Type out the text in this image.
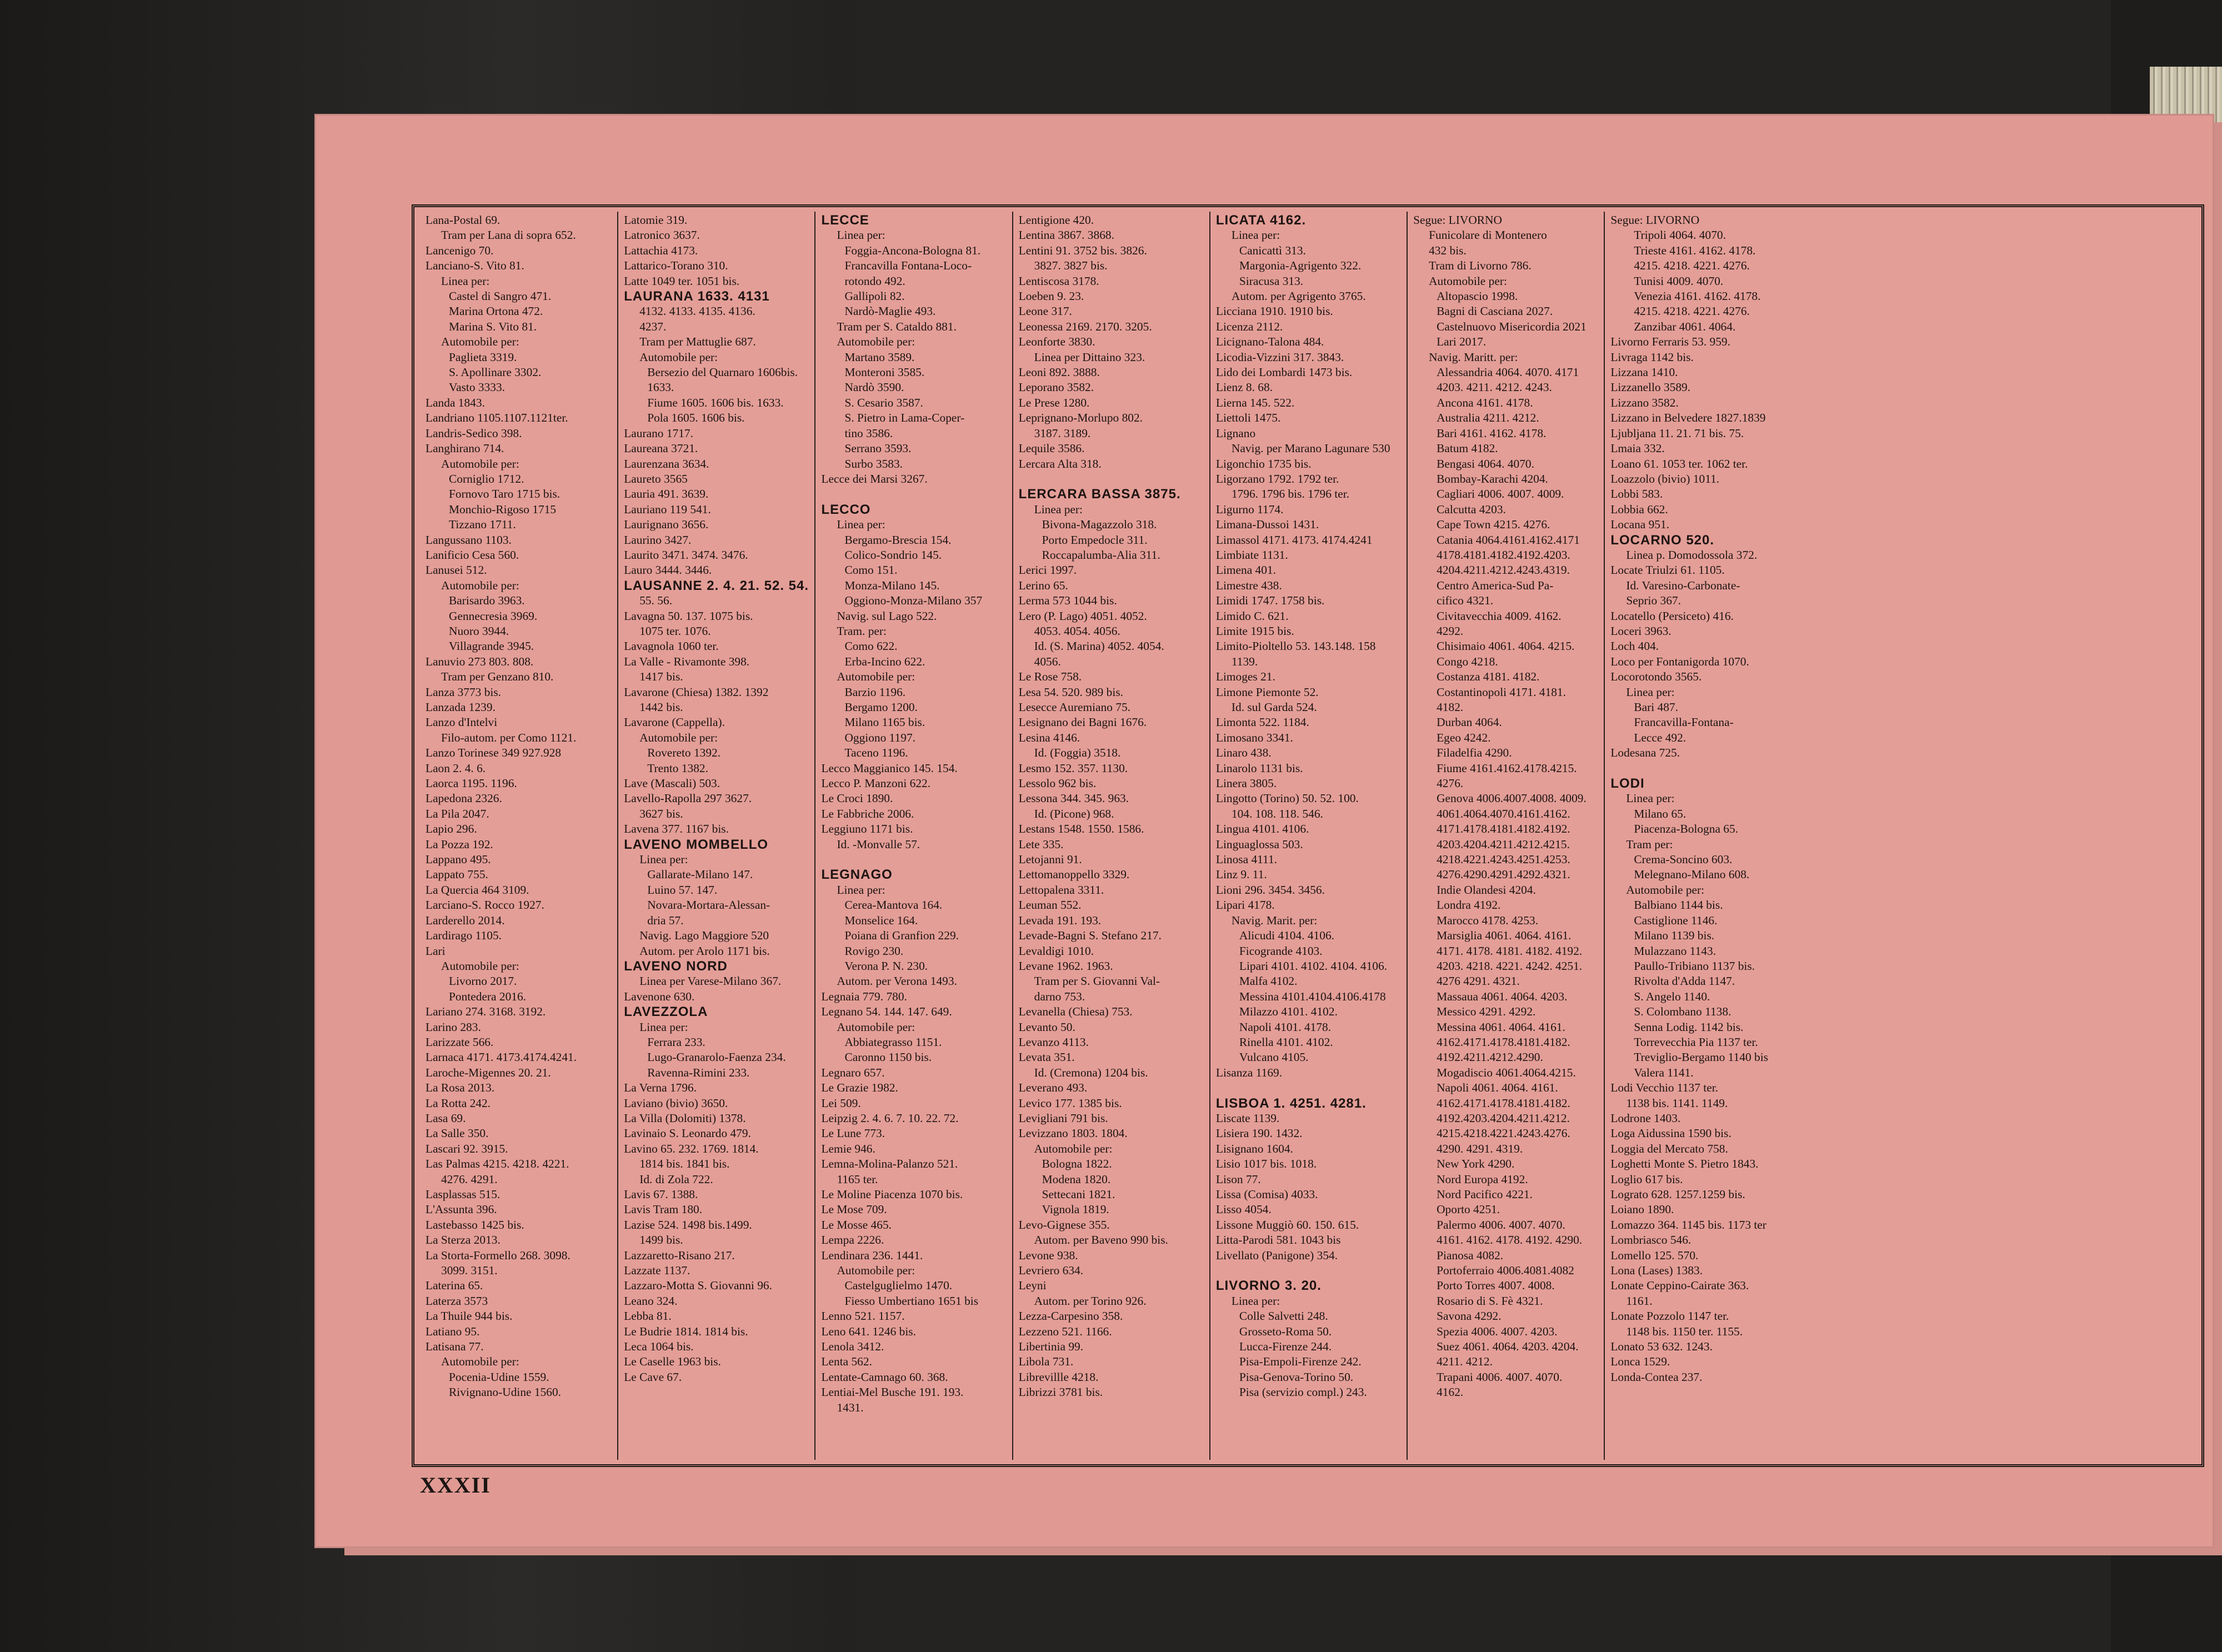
Lana-Postal 69.
Tram per Lana di sopra 652.
Lancenigo 70.
Lanciano-S. Vito 81.
Linea per:
Castel di Sangro 471.
Marina Ortona 472.
Marina S. Vito 81.
Automobile per:
Paglieta 3319.
S. Apollinare 3302.
Vasto 3333.
Landa 1843.
Landriano 1105.1107.1121ter.
Landris-Sedico 398.
Langhirano 714.
Automobile per:
Corniglio 1712.
Fornovo Taro 1715 bis.
Monchio-Rigoso 1715
Tizzano 1711.
Langussano 1103.
Lanificio Cesa 560.
Lanusei 512.
Automobile per:
Barisardo 3963.
Gennecresia 3969.
Nuoro 3944.
Villagrande 3945.
Lanuvio 273 803. 808.
Tram per Genzano 810.
Lanza 3773 bis.
Lanzada 1239.
Lanzo d'Intelvi
Filo-autom. per Como 1121.
Lanzo Torinese 349 927.928
Laon 2. 4. 6.
Laorca 1195. 1196.
Lapedona 2326.
La Pila 2047.
Lapio 296.
La Pozza 192.
Lappano 495.
Lappato 755.
La Quercia 464 3109.
Larciano-S. Rocco 1927.
Larderello 2014.
Lardirago 1105.
Lari
Automobile per:
Livorno 2017.
Pontedera 2016.
Lariano 274. 3168. 3192.
Larino 283.
Larizzate 566.
Larnaca 4171. 4173.4174.4241.
Laroche-Migennes 20. 21.
La Rosa 2013.
La Rotta 242.
Lasa 69.
La Salle 350.
Lascari 92. 3915.
Las Palmas 4215. 4218. 4221.
4276. 4291.
Lasplassas 515.
L'Assunta 396.
Lastebasso 1425 bis.
La Sterza 2013.
La Storta-Formello 268. 3098.
3099. 3151.
Laterina 65.
Laterza 3573
La Thuile 944 bis.
Latiano 95.
Latisana 77.
Automobile per:
Pocenia-Udine 1559.
Rivignano-Udine 1560.
Latomie 319.
Latronico 3637.
Lattachia 4173.
Lattarico-Torano 310.
Latte 1049 ter. 1051 bis.
LAURANA 1633. 4131
4132. 4133. 4135. 4136.
4237.
Tram per Mattuglie 687.
Automobile per:
Bersezio del Quarnaro 1606bis.
1633.
Fiume 1605. 1606 bis. 1633.
Pola 1605. 1606 bis.
Laurano 1717.
Laureana 3721.
Laurenzana 3634.
Laureto 3565
Lauria 491. 3639.
Lauriano 119 541.
Laurignano 3656.
Laurino 3427.
Laurito 3471. 3474. 3476.
Lauro 3444. 3446.
LAUSANNE 2. 4. 21. 52. 54.
55. 56.
Lavagna 50. 137. 1075 bis.
1075 ter. 1076.
Lavagnola 1060 ter.
La Valle - Rivamonte 398.
1417 bis.
Lavarone (Chiesa) 1382. 1392
1442 bis.
Lavarone (Cappella).
Automobile per:
Rovereto 1392.
Trento 1382.
Lave (Mascali) 503.
Lavello-Rapolla 297 3627.
3627 bis.
Lavena 377. 1167 bis.
LAVENO MOMBELLO
Linea per:
Gallarate-Milano 147.
Luino 57. 147.
Novara-Mortara-Alessan-
dria 57.
Navig. Lago Maggiore 520
Autom. per Arolo 1171 bis.
LAVENO NORD
Linea per Varese-Milano 367.
Lavenone 630.
LAVEZZOLA
Linea per:
Ferrara 233.
Lugo-Granarolo-Faenza 234.
Ravenna-Rimini 233.
La Verna 1796.
Laviano (bivio) 3650.
La Villa (Dolomiti) 1378.
Lavinaio S. Leonardo 479.
Lavino 65. 232. 1769. 1814.
1814 bis. 1841 bis.
Id. di Zola 722.
Lavis 67. 1388.
Lavis Tram 180.
Lazise 524. 1498 bis.1499.
1499 bis.
Lazzaretto-Risano 217.
Lazzate 1137.
Lazzaro-Motta S. Giovanni 96.
Leano 324.
Lebba 81.
Le Budrie 1814. 1814 bis.
Leca 1064 bis.
Le Caselle 1963 bis.
Le Cave 67.
LECCE
Linea per:
Foggia-Ancona-Bologna 81.
Francavilla Fontana-Loco-
rotondo 492.
Gallipoli 82.
Nardò-Maglie 493.
Tram per S. Cataldo 881.
Automobile per:
Martano 3589.
Monteroni 3585.
Nardò 3590.
S. Cesario 3587.
S. Pietro in Lama-Coper-
tino 3586.
Serrano 3593.
Surbo 3583.
Lecce dei Marsi 3267.

LECCO
Linea per:
Bergamo-Brescia 154.
Colico-Sondrio 145.
Como 151.
Monza-Milano 145.
Oggiono-Monza-Milano 357
Navig. sul Lago 522.
Tram. per:
Como 622.
Erba-Incino 622.
Automobile per:
Barzio 1196.
Bergamo 1200.
Milano 1165 bis.
Oggiono 1197.
Taceno 1196.
Lecco Maggianico 145. 154.
Lecco P. Manzoni 622.
Le Croci 1890.
Le Fabbriche 2006.
Leggiuno 1171 bis.
Id. -Monvalle 57.

LEGNAGO
Linea per:
Cerea-Mantova 164.
Monselice 164.
Poiana di Granfion 229.
Rovigo 230.
Verona P. N. 230.
Autom. per Verona 1493.
Legnaia 779. 780.
Legnano 54. 144. 147. 649.
Automobile per:
Abbiategrasso 1151.
Caronno 1150 bis.
Legnaro 657.
Le Grazie 1982.
Lei 509.
Leipzig 2. 4. 6. 7. 10. 22. 72.
Le Lune 773.
Lemie 946.
Lemna-Molina-Palanzo 521.
1165 ter.
Le Moline Piacenza 1070 bis.
Le Mose 709.
Le Mosse 465.
Lempa 2226.
Lendinara 236. 1441.
Automobile per:
Castelguglielmo 1470.
Fiesso Umbertiano 1651 bis
Lenno 521. 1157.
Leno 641. 1246 bis.
Lenola 3412.
Lenta 562.
Lentate-Camnago 60. 368.
Lentiai-Mel Busche 191. 193.
1431.
Lentigione 420.
Lentina 3867. 3868.
Lentini 91. 3752 bis. 3826.
3827. 3827 bis.
Lentiscosa 3178.
Loeben 9. 23.
Leone 317.
Leonessa 2169. 2170. 3205.
Leonforte 3830.
Linea per Dittaino 323.
Leoni 892. 3888.
Leporano 3582.
Le Prese 1280.
Leprignano-Morlupo 802.
3187. 3189.
Lequile 3586.
Lercara Alta 318.

LERCARA BASSA 3875.
Linea per:
Bivona-Magazzolo 318.
Porto Empedocle 311.
Roccapalumba-Alia 311.
Lerici 1997.
Lerino 65.
Lerma 573 1044 bis.
Lero (P. Lago) 4051. 4052.
4053. 4054. 4056.
Id. (S. Marina) 4052. 4054.
4056.
Le Rose 758.
Lesa 54. 520. 989 bis.
Lesecce Auremiano 75.
Lesignano dei Bagni 1676.
Lesina 4146.
Id. (Foggia) 3518.
Lesmo 152. 357. 1130.
Lessolo 962 bis.
Lessona 344. 345. 963.
Id. (Picone) 968.
Lestans 1548. 1550. 1586.
Lete 335.
Letojanni 91.
Lettomanoppello 3329.
Lettopalena 3311.
Leuman 552.
Levada 191. 193.
Levade-Bagni S. Stefano 217.
Levaldigi 1010.
Levane 1962. 1963.
Tram per S. Giovanni Val-
darno 753.
Levanella (Chiesa) 753.
Levanto 50.
Levanzo 4113.
Levata 351.
Id. (Cremona) 1204 bis.
Leverano 493.
Levico 177. 1385 bis.
Levigliani 791 bis.
Levizzano 1803. 1804.
Automobile per:
Bologna 1822.
Modena 1820.
Settecani 1821.
Vignola 1819.
Levo-Gignese 355.
Autom. per Baveno 990 bis.
Levone 938.
Levriero 634.
Leyni
Autom. per Torino 926.
Lezza-Carpesino 358.
Lezzeno 521. 1166.
Libertinia 99.
Libola 731.
Librevillle 4218.
Librizzi 3781 bis.
LICATA 4162.
Linea per:
Canicattì 313.
Margonia-Agrigento 322.
Siracusa 313.
Autom. per Agrigento 3765.
Licciana 1910. 1910 bis.
Licenza 2112.
Licignano-Talona 484.
Licodia-Vizzini 317. 3843.
Lido dei Lombardi 1473 bis.
Lienz 8. 68.
Lierna 145. 522.
Liettoli 1475.
Lignano
Navig. per Marano Lagunare 530
Ligonchio 1735 bis.
Ligorzano 1792. 1792 ter.
1796. 1796 bis. 1796 ter.
Ligurno 1174.
Limana-Dussoi 1431.
Limassol 4171. 4173. 4174.4241
Limbiate 1131.
Limena 401.
Limestre 438.
Limidi 1747. 1758 bis.
Limido C. 621.
Limite 1915 bis.
Limito-Pioltello 53. 143.148. 158
1139.
Limoges 21.
Limone Piemonte 52.
Id. sul Garda 524.
Limonta 522. 1184.
Limosano 3341.
Linaro 438.
Linarolo 1131 bis.
Linera 3805.
Lingotto (Torino) 50. 52. 100.
104. 108. 118. 546.
Lingua 4101. 4106.
Linguaglossa 503.
Linosa 4111.
Linz 9. 11.
Lioni 296. 3454. 3456.
Lipari 4178.
Navig. Marit. per:
Alicudi 4104. 4106.
Ficogrande 4103.
Lipari 4101. 4102. 4104. 4106.
Malfa 4102.
Messina 4101.4104.4106.4178
Milazzo 4101. 4102.
Napoli 4101. 4178.
Rinella 4101. 4102.
Vulcano 4105.
Lisanza 1169.

LISBOA 1. 4251. 4281.
Liscate 1139.
Lisiera 190. 1432.
Lisignano 1604.
Lisio 1017 bis. 1018.
Lison 77.
Lissa (Comisa) 4033.
Lisso 4054.
Lissone Muggiò 60. 150. 615.
Litta-Parodi 581. 1043 bis
Livellato (Panigone) 354.

LIVORNO 3. 20.
Linea per:
Colle Salvetti 248.
Grosseto-Roma 50.
Lucca-Firenze 244.
Pisa-Empoli-Firenze 242.
Pisa-Genova-Torino 50.
Pisa (servizio compl.) 243.
Segue: LIVORNO
Funicolare di Montenero
432 bis.
Tram di Livorno 786.
Automobile per:
Altopascio 1998.
Bagni di Casciana 2027.
Castelnuovo Misericordia 2021
Lari 2017.
Navig. Maritt. per:
Alessandria 4064. 4070. 4171
4203. 4211. 4212. 4243.
Ancona 4161. 4178.
Australia 4211. 4212.
Bari 4161. 4162. 4178.
Batum 4182.
Bengasi 4064. 4070.
Bombay-Karachi 4204.
Cagliari 4006. 4007. 4009.
Calcutta 4203.
Cape Town 4215. 4276.
Catania 4064.4161.4162.4171
4178.4181.4182.4192.4203.
4204.4211.4212.4243.4319.
Centro America-Sud Pa-
cifico 4321.
Civitavecchia 4009. 4162.
4292.
Chisimaio 4061. 4064. 4215.
Congo 4218.
Costanza 4181. 4182.
Costantinopoli 4171. 4181.
4182.
Durban 4064.
Egeo 4242.
Filadelfia 4290.
Fiume 4161.4162.4178.4215.
4276.
Genova 4006.4007.4008. 4009.
4061.4064.4070.4161.4162.
4171.4178.4181.4182.4192.
4203.4204.4211.4212.4215.
4218.4221.4243.4251.4253.
4276.4290.4291.4292.4321.
Indie Olandesi 4204.
Londra 4192.
Marocco 4178. 4253.
Marsiglia 4061. 4064. 4161.
4171. 4178. 4181. 4182. 4192.
4203. 4218. 4221. 4242. 4251.
4276 4291. 4321.
Massaua 4061. 4064. 4203.
Messico 4291. 4292.
Messina 4061. 4064. 4161.
4162.4171.4178.4181.4182.
4192.4211.4212.4290.
Mogadiscio 4061.4064.4215.
Napoli 4061. 4064. 4161.
4162.4171.4178.4181.4182.
4192.4203.4204.4211.4212.
4215.4218.4221.4243.4276.
4290. 4291. 4319.
New York 4290.
Nord Europa 4192.
Nord Pacifico 4221.
Oporto 4251.
Palermo 4006. 4007. 4070.
4161. 4162. 4178. 4192. 4290.
Pianosa 4082.
Portoferraio 4006.4081.4082
Porto Torres 4007. 4008.
Rosario di S. Fè 4321.
Savona 4292.
Spezia 4006. 4007. 4203.
Suez 4061. 4064. 4203. 4204.
4211. 4212.
Trapani 4006. 4007. 4070.
4162.
Segue: LIVORNO
Tripoli 4064. 4070.
Trieste 4161. 4162. 4178.
4215. 4218. 4221. 4276.
Tunisi 4009. 4070.
Venezia 4161. 4162. 4178.
4215. 4218. 4221. 4276.
Zanzibar 4061. 4064.
Livorno Ferraris 53. 959.
Livraga 1142 bis.
Lizzana 1410.
Lizzanello 3589.
Lizzano 3582.
Lizzano in Belvedere 1827.1839
Ljubljana 11. 21. 71 bis. 75.
Lmaia 332.
Loano 61. 1053 ter. 1062 ter.
Loazzolo (bivio) 1011.
Lobbi 583.
Lobbia 662.
Locana 951.
LOCARNO 520.
Linea p. Domodossola 372.
Locate Triulzi 61. 1105.
Id. Varesino-Carbonate-
Seprio 367.
Locatello (Persiceto) 416.
Loceri 3963.
Loch 404.
Loco per Fontanigorda 1070.
Locorotondo 3565.
Linea per:
Bari 487.
Francavilla-Fontana-
Lecce 492.
Lodesana 725.

LODI
Linea per:
Milano 65.
Piacenza-Bologna 65.
Tram per:
Crema-Soncino 603.
Melegnano-Milano 608.
Automobile per:
Balbiano 1144 bis.
Castiglione 1146.
Milano 1139 bis.
Mulazzano 1143.
Paullo-Tribiano 1137 bis.
Rivolta d'Adda 1147.
S. Angelo 1140.
S. Colombano 1138.
Senna Lodig. 1142 bis.
Torrevecchia Pia 1137 ter.
Treviglio-Bergamo 1140 bis
Valera 1141.
Lodi Vecchio 1137 ter.
1138 bis. 1141. 1149.
Lodrone 1403.
Loga Aidussina 1590 bis.
Loggia del Mercato 758.
Loghetti Monte S. Pietro 1843.
Loglio 617 bis.
Lograto 628. 1257.1259 bis.
Loiano 1890.
Lomazzo 364. 1145 bis. 1173 ter
Lombriasco 546.
Lomello 125. 570.
Lona (Lases) 1383.
Lonate Ceppino-Cairate 363.
1161.
Lonate Pozzolo 1147 ter.
1148 bis. 1150 ter. 1155.
Lonato 53 632. 1243.
Lonca 1529.
Londa-Contea 237.
XXXII
